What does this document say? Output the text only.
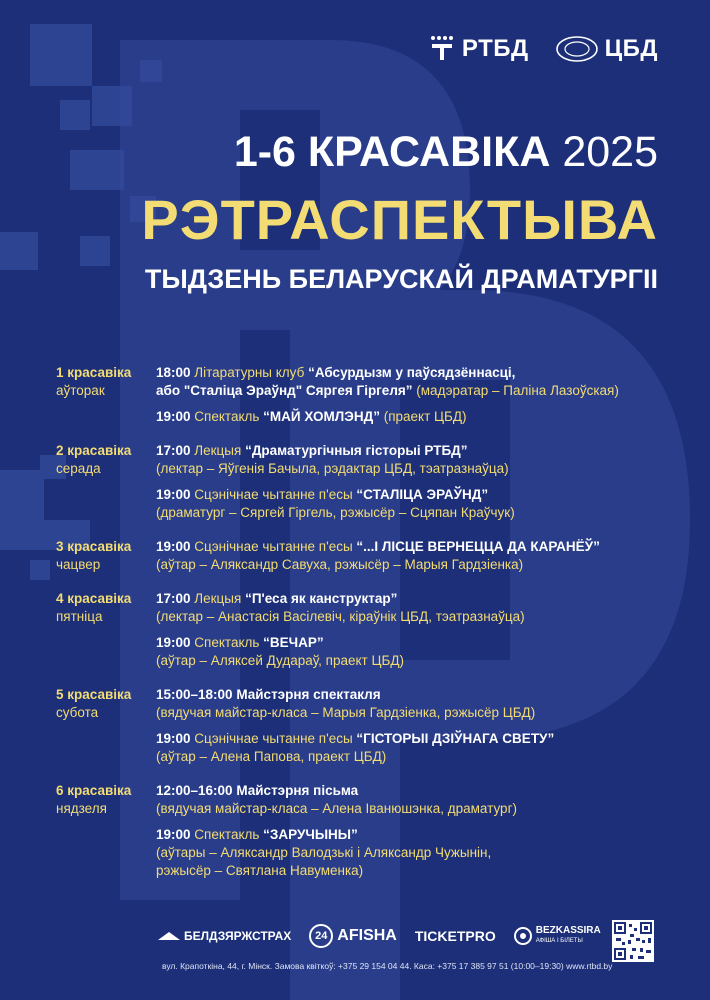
РТБД	ЦБД
1-6 КРАСАВІКА 2025
РЭТРАСПЕКТЫВА
ТЫДЗЕНЬ БЕЛАРУСКАЙ ДРАМАТУРГІІ
1 красавіка
аўторак
18:00 Літаратурны клуб “Абсурдызм у паўсядзённасці,
або "Сталіца Эраўнд" Сяргея Гіргеля” (мадэратар – Паліна Лазоўская)
19:00 Спектакль “МАЙ ХОМЛЭНД” (праект ЦБД)
2 красавіка
серада
17:00 Лекцыя “Драматургічныя гісторыі РТБД”
(лектар – Яўгенія Бачыла, рэдактар ЦБД, тэатразнаўца)
19:00 Сцэнічнае чытанне п'есы “СТАЛІЦА ЭРАЎНД”
(драматург – Сяргей Гіргель, рэжысёр – Сцяпан Краўчук)
3 красавіка
чацвер
19:00 Сцэнічнае чытанне п'есы “...І ЛІСЦЕ ВЕРНЕЦЦА ДА КАРАНЁЎ”
(аўтар – Аляксандр Савуха, рэжысёр – Марыя Гардзіенка)
4 красавіка
пятніца
17:00 Лекцыя “П'еса як канструктар”
(лектар – Анастасія Васілевіч, кіраўнік ЦБД, тэатразнаўца)
19:00 Спектакль “ВЕЧАР”
(аўтар – Аляксей Дудараў, праект ЦБД)
5 красавіка
субота
15:00–18:00 Майстэрня спектакля
(вядучая майстар-класа – Марыя Гардзіенка, рэжысёр ЦБД)
19:00 Сцэнічнае чытанне п'есы “ГІСТОРЫІ ДЗІЎНАГА СВЕТУ”
(аўтар – Алена Папова, праект ЦБД)
6 красавіка
нядзеля
12:00–16:00 Майстэрня пісьма
(вядучая майстар-класа – Алена Іванюшэнка, драматург)
19:00 Спектакль “ЗАРУЧЫНЫ”
(аўтары – Аляксандр Валодзькі і Аляксандр Чужынін,
рэжысёр – Святлана Навуменка)
БЕЛДЗЯРЖСТРАХ	24 AFISHA TICKETPRO	BEZKASSIRA
АФІША І БІЛЕТЫ
вул. Крапоткіна, 44, г. Мінск. Замова квіткоў: +375 29 154 04 44. Каса: +375 17 385 97 51 (10:00–19:30) www.rtbd.by
